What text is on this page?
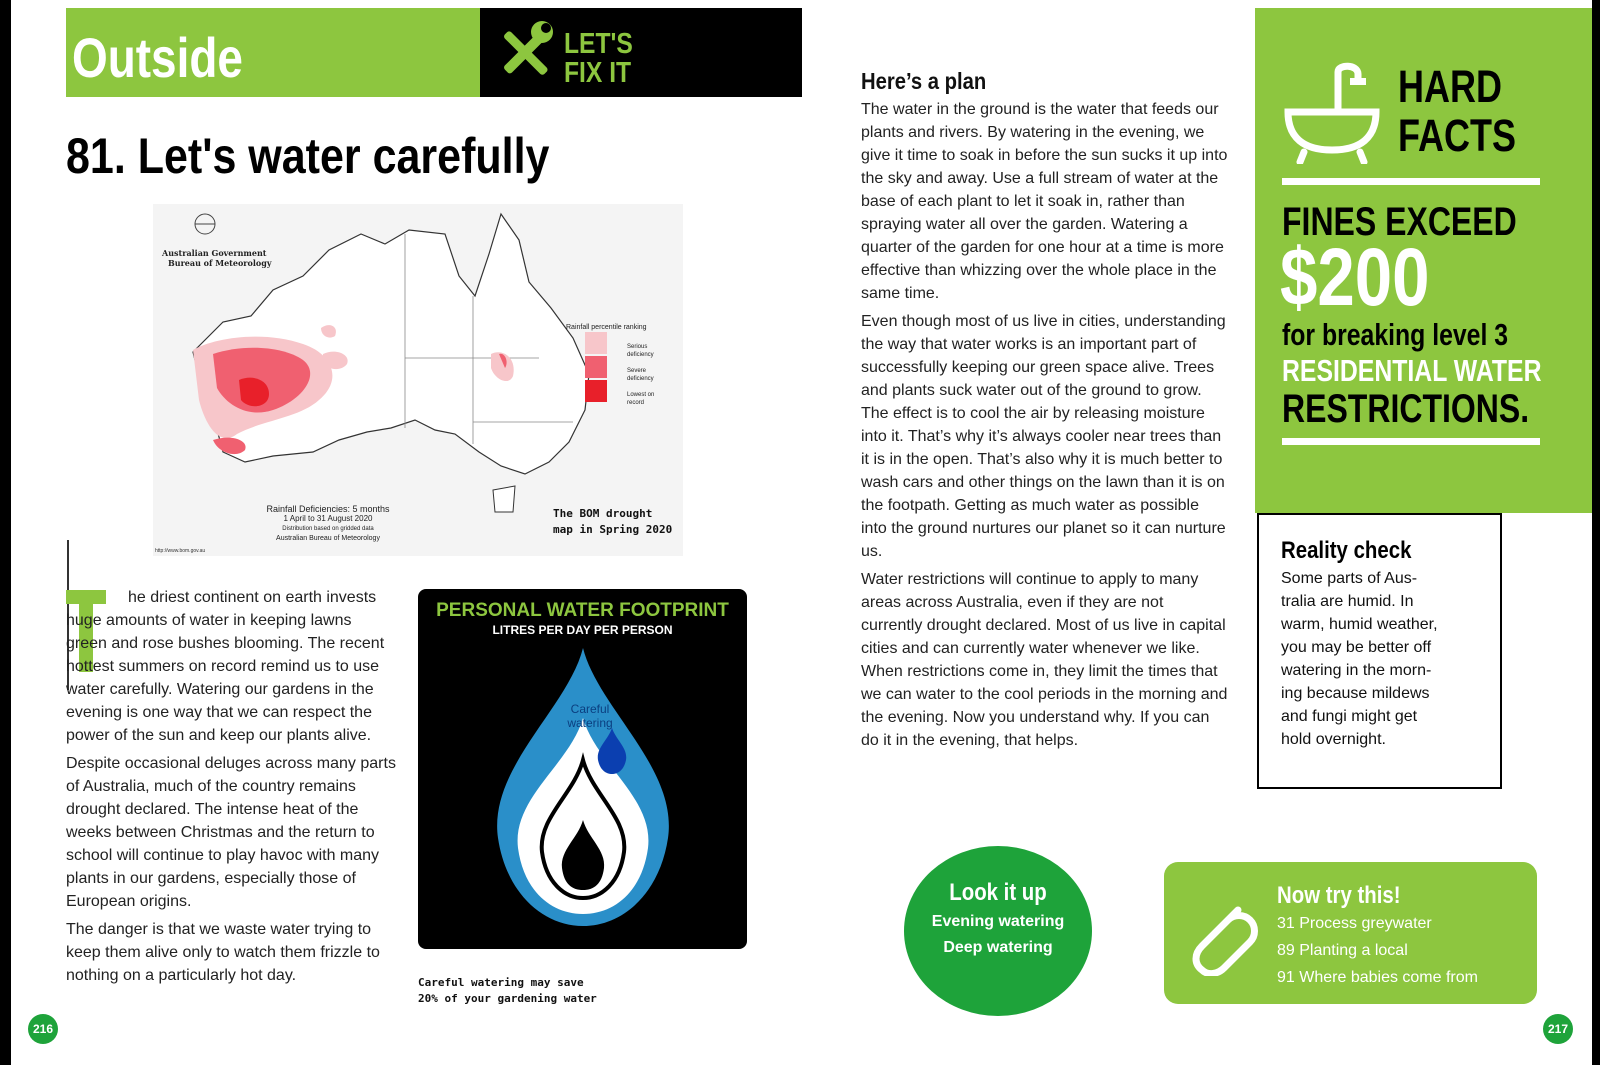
Outside	LET'S
FIX IT
81. Let's water carefully
Australian Government
Bureau of Meteorology
Rainfall percentile ranking
Serious
deficiency
Severe
deficiency
Lowest on
record
Rainfall Deficiencies: 5 months
1 April to 31 August 2020
Distribution based on gridded data
Australian Bureau of Meteorology
http://www.bom.gov.au
The BOM drought
map in Spring 2020

he driest continent on earth invests huge amounts of water in keeping lawns green and rose bushes blooming. The recent hottest summers on record remind us to use water carefully. Watering our gardens in the evening is one way that we can respect the power of the sun and keep our plants alive.

Despite occasional deluges across many parts of Australia, much of the country remains drought declared. The intense heat of the weeks between Christmas and the return to school will continue to play havoc with many plants in our gardens, especially those of European origins.

The danger is that we waste water trying to keep them alive only to watch them frizzle to nothing on a particularly hot day.

PERSONAL WATER FOOTPRINT
LITRES PER DAY PER PERSON
Careful
watering
Careful watering may save
20% of your gardening water
Here’s a plan

The water in the ground is the water that feeds our plants and rivers. By watering in the evening, we give it time to soak in before the sun sucks it up into the sky and away. Use a full stream of water at the base of each plant to let it soak in, rather than spraying water all over the garden. Watering a quarter of the garden for one hour at a time is more effective than whizzing over the whole place in the same time.

Even though most of us live in cities, understanding the way that water works is an important part of successfully keeping our green space alive. Trees and plants suck water out of the ground to grow. The effect is to cool the air by releasing moisture into it. That’s why it’s always cooler near trees than it is in the open. That’s also why it is much better to wash cars and other things on the lawn than it is on the footpath. Getting as much water as possible into the ground nurtures our planet so it can nurture us.

Water restrictions will continue to apply to many areas across Australia, even if they are not currently drought declared. Most of us live in capital cities and can currently water whenever we like. When restrictions come in, they limit the times that we can water to the cool periods in the morning and the evening. Now you understand why. If you can do it in the evening, that helps.

HARD
FACTS
FINES EXCEED
$200
for breaking level 3
RESIDENTIAL WATER
RESTRICTIONS.
Reality check
Some parts of Aus-
tralia are humid. In
warm, humid weather,
you may be better off
watering in the morn-
ing because mildews
and fungi might get
hold overnight.
Look it up
Evening watering
Deep watering
Now try this!
31 Process greywater
89 Planting a local
91 Where babies come from
216	217
